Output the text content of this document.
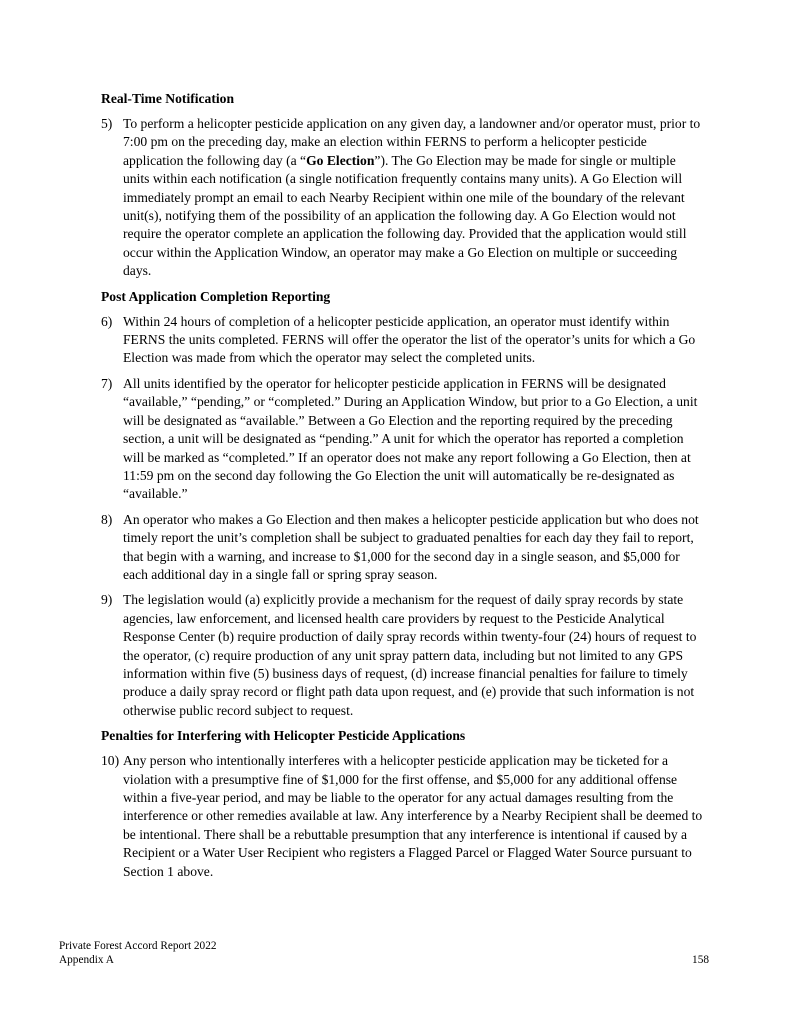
Real-Time Notification
5) To perform a helicopter pesticide application on any given day, a landowner and/or operator must, prior to 7:00 pm on the preceding day, make an election within FERNS to perform a helicopter pesticide application the following day (a “Go Election”). The Go Election may be made for single or multiple units within each notification (a single notification frequently contains many units). A Go Election will immediately prompt an email to each Nearby Recipient within one mile of the boundary of the relevant unit(s), notifying them of the possibility of an application the following day. A Go Election would not require the operator complete an application the following day. Provided that the application would still occur within the Application Window, an operator may make a Go Election on multiple or succeeding days.

Post Application Completion Reporting
6) Within 24 hours of completion of a helicopter pesticide application, an operator must identify within FERNS the units completed. FERNS will offer the operator the list of the operator’s units for which a Go Election was made from which the operator may select the completed units.

7) All units identified by the operator for helicopter pesticide application in FERNS will be designated “available,” “pending,” or “completed.” During an Application Window, but prior to a Go Election, a unit will be designated as “available.” Between a Go Election and the reporting required by the preceding section, a unit will be designated as “pending.” A unit for which the operator has reported a completion will be marked as “completed.” If an operator does not make any report following a Go Election, then at 11:59 pm on the second day following the Go Election the unit will automatically be re-designated as “available.”

8) An operator who makes a Go Election and then makes a helicopter pesticide application but who does not timely report the unit’s completion shall be subject to graduated penalties for each day they fail to report, that begin with a warning, and increase to $1,000 for the second day in a single season, and $5,000 for each additional day in a single fall or spring spray season.

9) The legislation would (a) explicitly provide a mechanism for the request of daily spray records by state agencies, law enforcement, and licensed health care providers by request to the Pesticide Analytical Response Center (b) require production of daily spray records within twenty-four (24) hours of request to the operator, (c) require production of any unit spray pattern data, including but not limited to any GPS information within five (5) business days of request, (d) increase financial penalties for failure to timely produce a daily spray record or flight path data upon request, and (e) provide that such information is not otherwise public record subject to request.

Penalties for Interfering with Helicopter Pesticide Applications
10) Any person who intentionally interferes with a helicopter pesticide application may be ticketed for a violation with a presumptive fine of $1,000 for the first offense, and $5,000 for any additional offense within a five-year period, and may be liable to the operator for any actual damages resulting from the interference or other remedies available at law. Any interference by a Nearby Recipient shall be deemed to be intentional. There shall be a rebuttable presumption that any interference is intentional if caused by a Recipient or a Water User Recipient who registers a Flagged Parcel or Flagged Water Source pursuant to Section 1 above.

Private Forest Accord Report 2022
Appendix A	158
